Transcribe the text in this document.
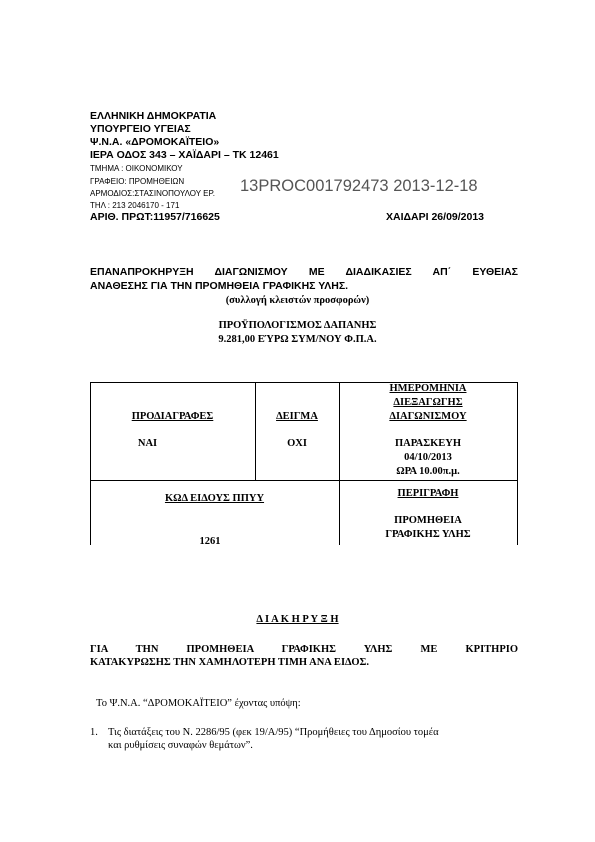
ΕΛΛΗΝΙΚΗ ΔΗΜΟΚΡΑΤΙΑ
ΥΠΟΥΡΓΕΙΟ ΥΓΕΙΑΣ
Ψ.Ν.Α. «ΔΡΟΜΟΚΑΪΤΕΙΟ»
ΙΕΡΑ ΟΔΟΣ 343 – ΧΑΪΔΑΡΙ – ΤΚ 12461
ΤΜΗΜΑ : ΟΙΚΟΝΟΜΙΚΟΥ
ΓΡΑΦΕΙΟ: ΠΡΟΜΗΘΕΙΩΝ
ΑΡΜΟΔΙΟΣ:ΣΤΑΣΙΝΟΠΟΥΛΟΥ ΕΡ.
ΤΗΛ : 213 2046170 - 171
13PROC001792473 2013-12-18
ΑΡΙΘ. ΠΡΩΤ:11957/716625	ΧΑΙΔΑΡΙ 26/09/2013
ΕΠΑΝΑΠΡΟΚΗΡΥΞΗ ΔΙΑΓΩΝΙΣΜΟΥ ΜΕ ΔΙΑΔΙΚΑΣΙΕΣ ΑΠ΄ ΕΥΘΕΙΑΣ
ΑΝΑΘΕΣΗΣ ΓΙΑ ΤΗΝ ΠΡΟΜΗΘΕΙΑ ΓΡΑΦΙΚΗΣ ΥΛΗΣ.
(συλλογή κλειστών προσφορών)
ΠΡΟΫΠΟΛΟΓΙΣΜΟΣ ΔΑΠΑΝΗΣ
9.281,00 ΕΎΡΩ ΣΥΜ/ΝΟΥ Φ.Π.Α.
ΠΡΟΔΙΑΓΡΑΦΕΣ
ΝΑΙ
ΔΕΙΓΜΑ
ΟΧΙ
ΗΜΕΡΟΜΗΝΙΑ
ΔΙΕΞΑΓΩΓΗΣ
ΔΙΑΓΩΝΙΣΜΟΥ
ΠΑΡΑΣΚΕΥΗ
04/10/2013
ΩΡΑ 10.00π.μ.
ΚΩΔ ΕΙΔΟΥΣ ΠΠΥΥ
1261
ΠΕΡΙΓΡΑΦΗ
ΠΡΟΜΗΘΕΙΑ
ΓΡΑΦΙΚΗΣ ΥΛΗΣ
Δ Ι Α Κ Η Ρ Υ Ξ Η
ΓΙΑ ΤΗΝ ΠΡΟΜΗΘΕΙΑ ΓΡΑΦΙΚΗΣ ΥΛΗΣ ΜΕ ΚΡΙΤΗΡΙΟ
ΚΑΤΑΚΥΡΩΣΗΣ ΤΗΝ ΧΑΜΗΛΟΤΕΡΗ ΤΙΜΗ ΑΝΑ ΕΙΔΟΣ.
Το Ψ.Ν.Α. “ΔΡΟΜΟΚΑΪΤΕΙΟ” έχοντας υπόψη:
1. Τις διατάξεις του Ν. 2286/95 (φεκ 19/Α/95) “Προμήθειες του Δημοσίου τομέα
και ρυθμίσεις συναφών θεμάτων”.
